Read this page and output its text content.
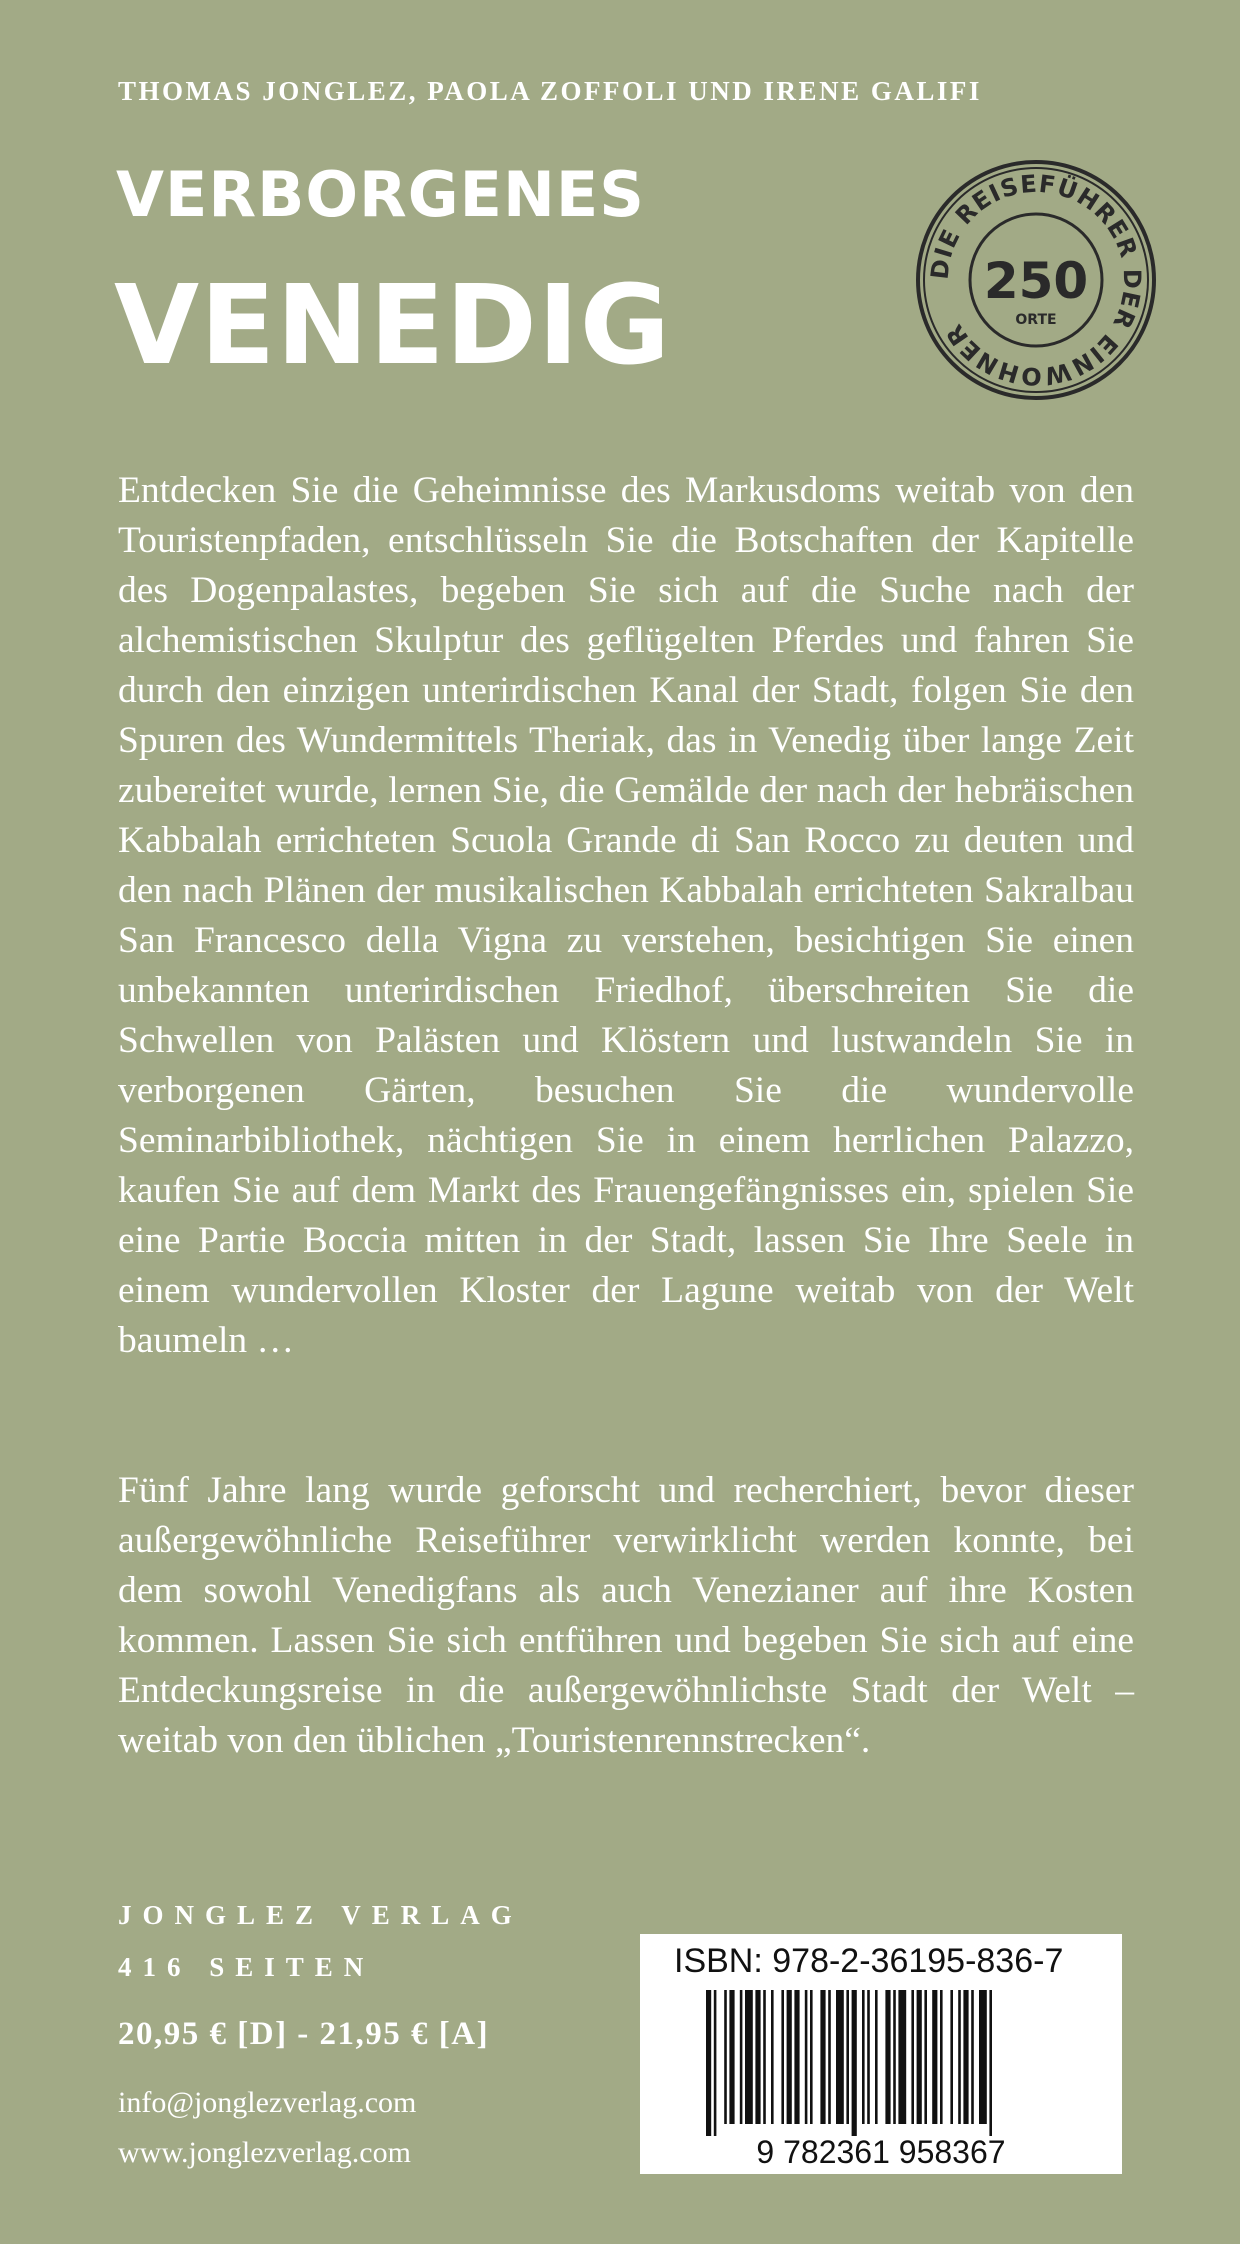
THOMAS JONGLEZ, PAOLA ZOFFOLI UND IRENE GALIFI
VERBORGENES
VENEDIG	DIE REISEFÜHRER DER EINWOHNER
250
ORTE
Entdecken Sie die Geheimnisse des Markusdoms weitab von den Touristenpfaden, entschlüsseln Sie die Botschaften der Kapitelle des Dogenpalastes, begeben Sie sich auf die Suche nach der alchemistischen Skulptur des geflügelten Pferdes und fahren Sie durch den einzigen unterirdischen Kanal der Stadt, folgen Sie den Spuren des Wundermittels Theriak, das in Venedig über lange Zeit zubereitet wurde, lernen Sie, die Gemälde der nach der hebräischen Kabbalah errichteten Scuola Grande di San Rocco zu deuten und den nach Plänen der musikalischen Kabbalah errichteten Sakralbau San Francesco della Vigna zu verstehen, besichtigen Sie einen unbekannten unterirdischen Friedhof, überschreiten Sie die Schwellen von Palästen und Klöstern und lustwandeln Sie in verborgenen Gärten, besuchen Sie die wundervolle Seminarbibliothek, nächtigen Sie in einem herrlichen Palazzo, kaufen Sie auf dem Markt des Frauengefängnisses ein, spielen Sie eine Partie Boccia mitten in der Stadt, lassen Sie Ihre Seele in einem wundervollen Kloster der Lagune weitab von der Welt baumeln …
Fünf Jahre lang wurde geforscht und recherchiert, bevor dieser außergewöhnliche Reiseführer verwirklicht werden konnte, bei dem sowohl Venedigfans als auch Venezianer auf ihre Kosten kommen. Lassen Sie sich entführen und begeben Sie sich auf eine Entdeckungsreise in die außergewöhnlichste Stadt der Welt – weitab von den üblichen „Touristenrennstrecken“.
JONGLEZ VERLAG
416 SEITEN
20,95 € [D] - 21,95 € [A]
info@jonglezverlag.com
www.jonglezverlag.com
ISBN: 978-2-36195-836-7
9 782361 958367
